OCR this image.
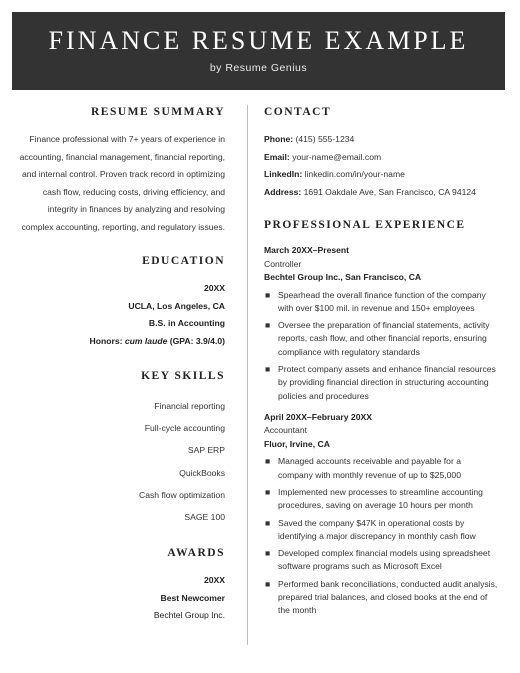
FINANCE RESUME EXAMPLE
by Resume Genius
RESUME SUMMARY
Finance professional with 7+ years of experience in accounting, financial management, financial reporting, and internal control. Proven track record in optimizing cash flow, reducing costs, driving efficiency, and integrity in finances by analyzing and resolving complex accounting, reporting, and regulatory issues.
EDUCATION

20XX

UCLA, Los Angeles, CA

B.S. in Accounting

Honors: cum laude (GPA: 3.9/4.0)

KEY SKILLS
Financial reporting
Full-cycle accounting
SAP ERP
QuickBooks
Cash flow optimization
SAGE 100
AWARDS

20XX

Best Newcomer

Bechtel Group Inc.

CONTACT

Phone: (415) 555-1234

Email: your-name@email.com

LinkedIn: linkedin.com/in/your-name

Address: 1691 Oakdale Ave, San Francisco, CA 94124

PROFESSIONAL EXPERIENCE
March 20XX–Present
Controller
Bechtel Group Inc., San Francisco, CA
■ Spearhead the overall finance function of the company with over $100 mil. in revenue and 150+ employees
■ Oversee the preparation of financial statements, activity reports, cash flow, and other financial reports, ensuring compliance with regulatory standards
■ Protect company assets and enhance financial resources by providing financial direction in structuring accounting policies and procedures
April 20XX–February 20XX
Accountant
Fluor, Irvine, CA
■ Managed accounts receivable and payable for a company with monthly revenue of up to $25,000
■ Implemented new processes to streamline accounting procedures, saving on average 10 hours per month
■ Saved the company $47K in operational costs by identifying a major discrepancy in monthly cash flow
■ Developed complex financial models using spreadsheet software programs such as Microsoft Excel
■ Performed bank reconciliations, conducted audit analysis, prepared trial balances, and closed books at the end of the month
